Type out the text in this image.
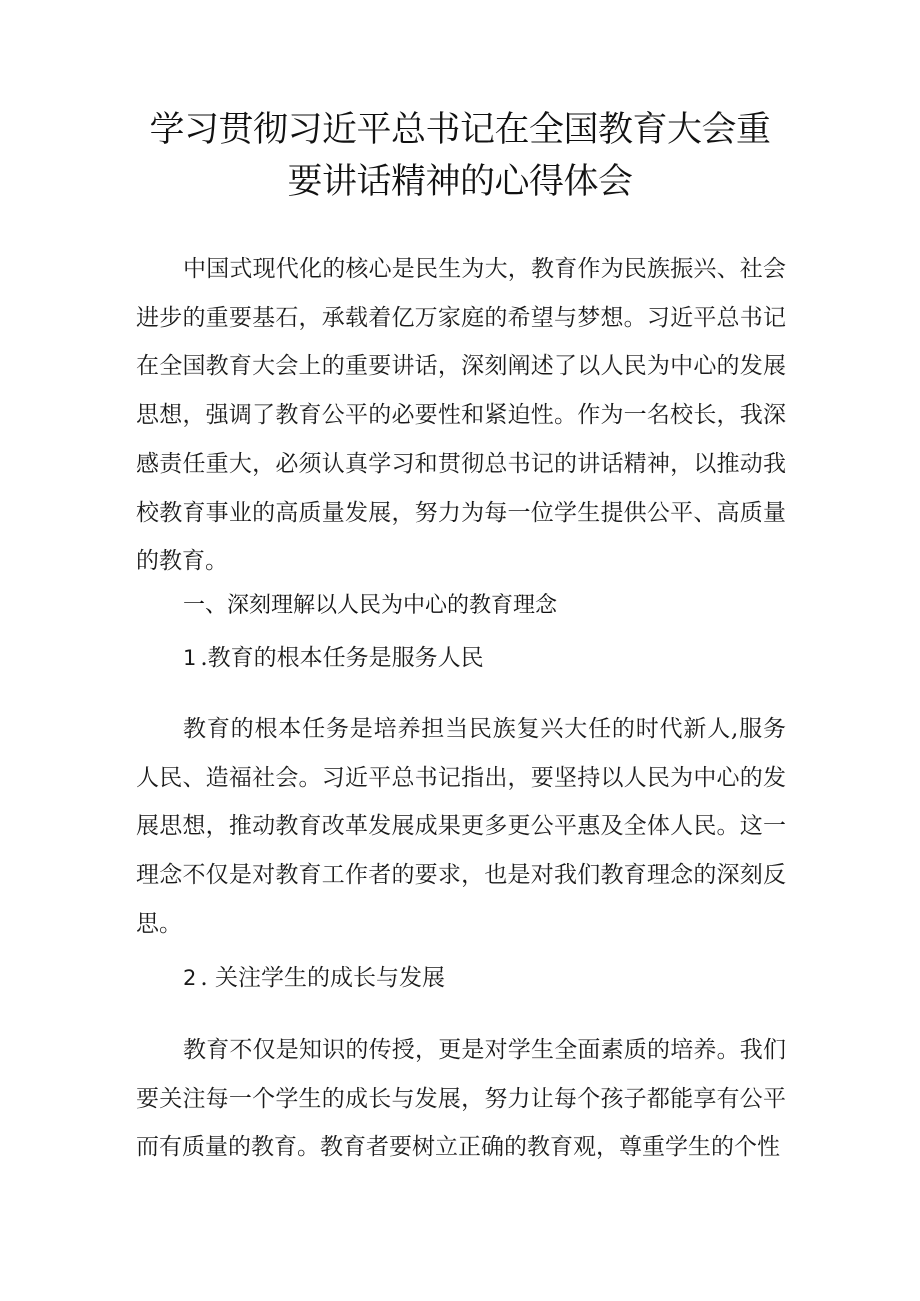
学习贯彻习近平总书记在全国教育大会重
要讲话精神的心得体会

中国式现代化的核心是民生为大，教育作为民族振兴、社会进步的重要基石，承载着亿万家庭的希望与梦想。习近平总书记在全国教育大会上的重要讲话，深刻阐述了以人民为中心的发展思想，强调了教育公平的必要性和紧迫性。作为一名校长，我深感责任重大，必须认真学习和贯彻总书记的讲话精神，以推动我校教育事业的高质量发展，努力为每一位学生提供公平、高质量的教育。

一、深刻理解以人民为中心的教育理念

1 .教育的根本任务是服务人民

教育的根本任务是培养担当民族复兴大任的时代新人,服务人民、造福社会。习近平总书记指出，要坚持以人民为中心的发展思想，推动教育改革发展成果更多更公平惠及全体人民。这一理念不仅是对教育工作者的要求，也是对我们教育理念的深刻反思。

2 . 关注学生的成长与发展

教育不仅是知识的传授，更是对学生全面素质的培养。我们要关注每一个学生的成长与发展，努力让每个孩子都能享有公平而有质量的教育。教育者要树立正确的教育观，尊重学生的个性
